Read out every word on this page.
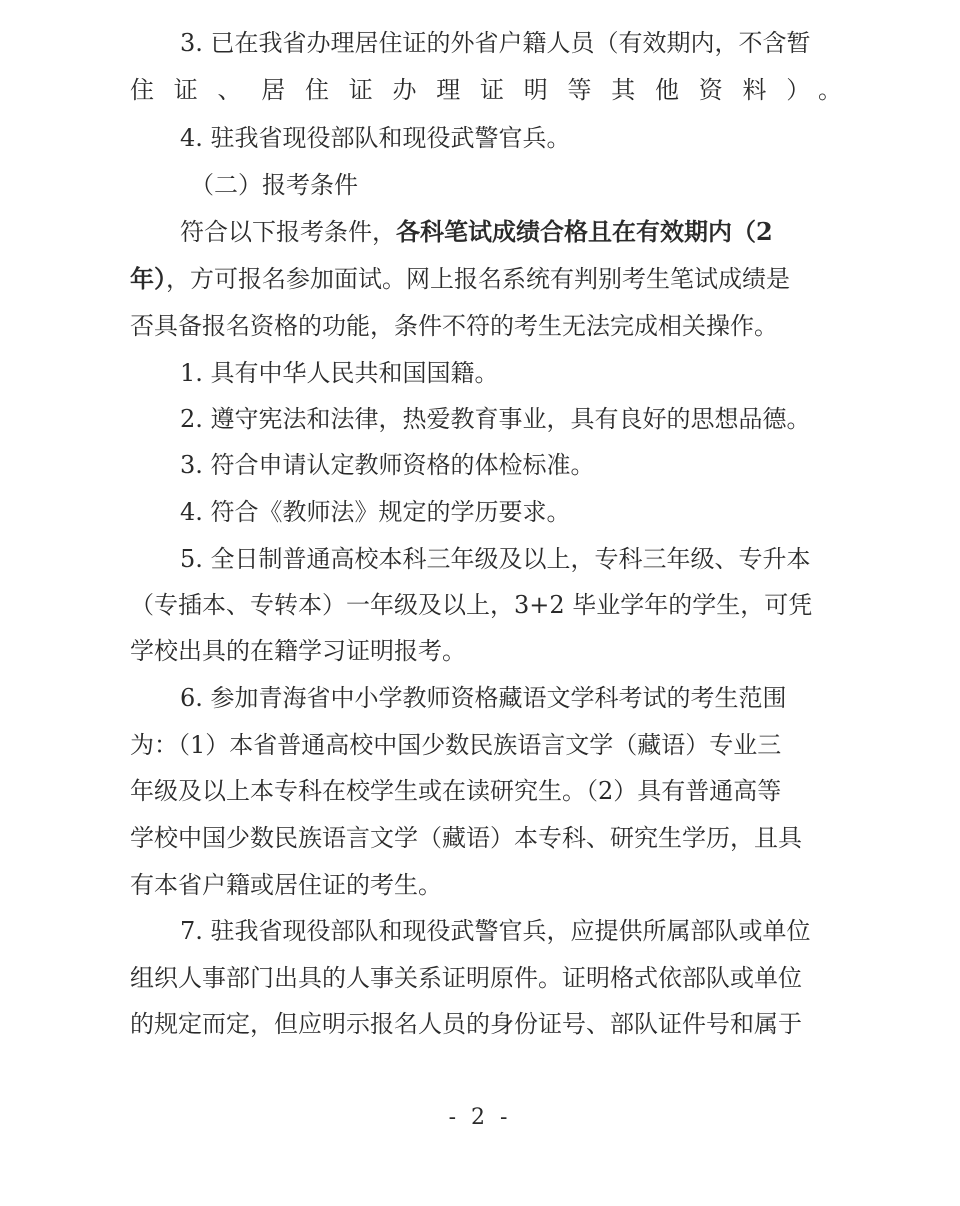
3. 已在我省办理居住证的外省户籍人员（有效期内，不含暂
住证、居住证办理证明等其他资料）。
4. 驻我省现役部队和现役武警官兵。
（二）报考条件
符合以下报考条件，各科笔试成绩合格且在有效期内（2
年），方可报名参加面试。网上报名系统有判别考生笔试成绩是
否具备报名资格的功能，条件不符的考生无法完成相关操作。
1. 具有中华人民共和国国籍。
2. 遵守宪法和法律，热爱教育事业，具有良好的思想品德。
3. 符合申请认定教师资格的体检标准。
4. 符合《教师法》规定的学历要求。
5. 全日制普通高校本科三年级及以上，专科三年级、专升本
（专插本、专转本）一年级及以上，3+2 毕业学年的学生，可凭
学校出具的在籍学习证明报考。
6. 参加青海省中小学教师资格藏语文学科考试的考生范围
为：（1）本省普通高校中国少数民族语言文学（藏语）专业三
年级及以上本专科在校学生或在读研究生。（2）具有普通高等
学校中国少数民族语言文学（藏语）本专科、研究生学历，且具
有本省户籍或居住证的考生。
7. 驻我省现役部队和现役武警官兵，应提供所属部队或单位
组织人事部门出具的人事关系证明原件。证明格式依部队或单位
的规定而定，但应明示报名人员的身份证号、部队证件号和属于
- 2 -
